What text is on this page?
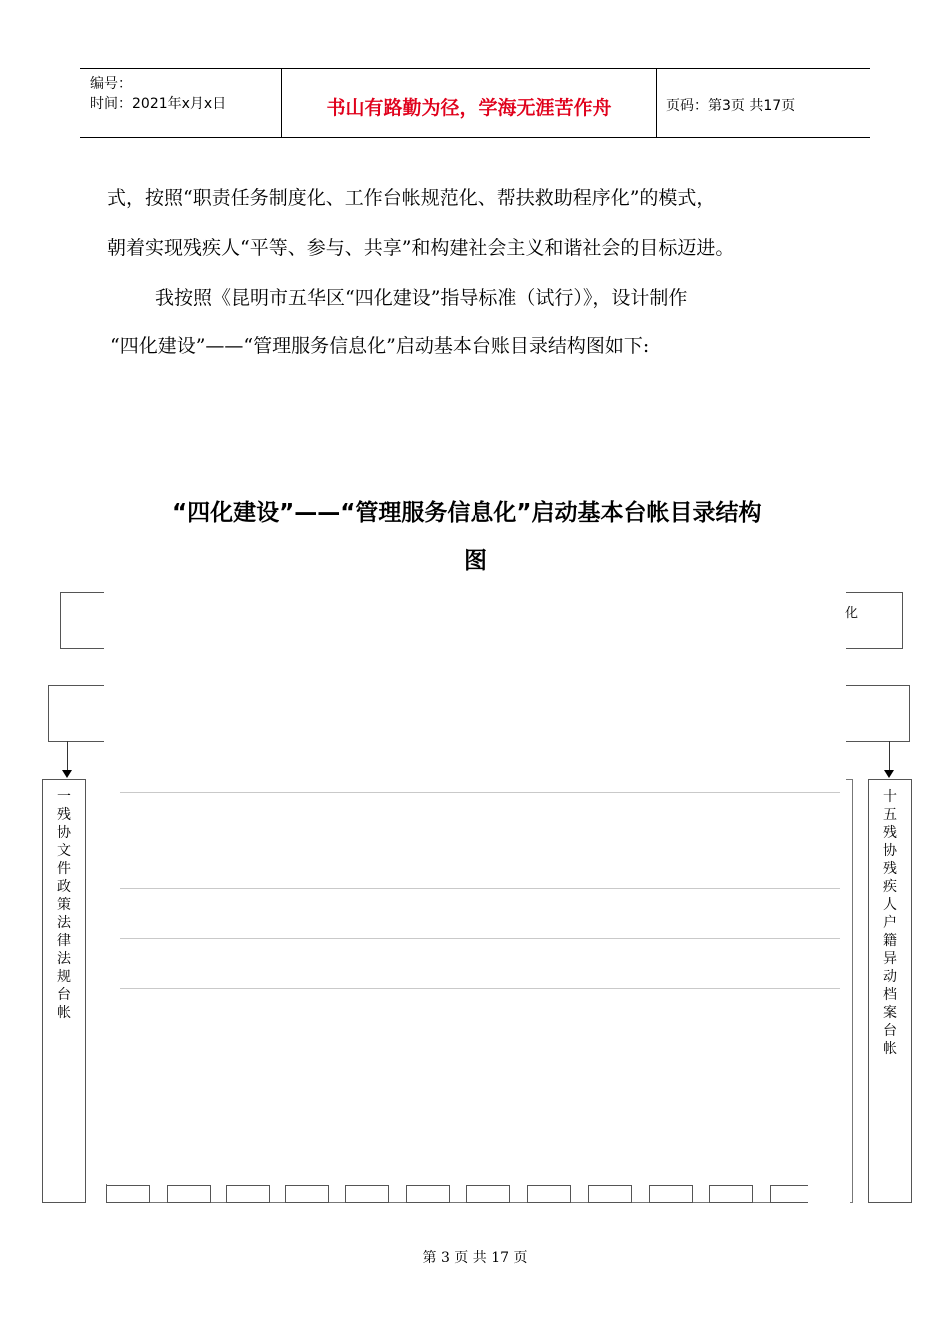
编号：
时间：2021年x月x日	书山有路勤为径，学海无涯苦作舟	页码：第3页 共17页
式，按照“职责任务制度化、工作台帐规范化、帮扶救助程序化”的模式，
朝着实现残疾人“平等、参与、共享”和构建社会主义和谐社会的目标迈进。
我按照《昆明市五华区“四化建设”指导标准（试行）》，设计制作
“四化建设”——“管理服务信息化”启动基本台账目录结构图如下:
“四化建设”——“管理服务信息化”启动基本台帐目录结构
图
一残协文件政策法律法规台帐
十五残协残疾人户籍异动档案台帐
化
第 3 页 共 17 页
